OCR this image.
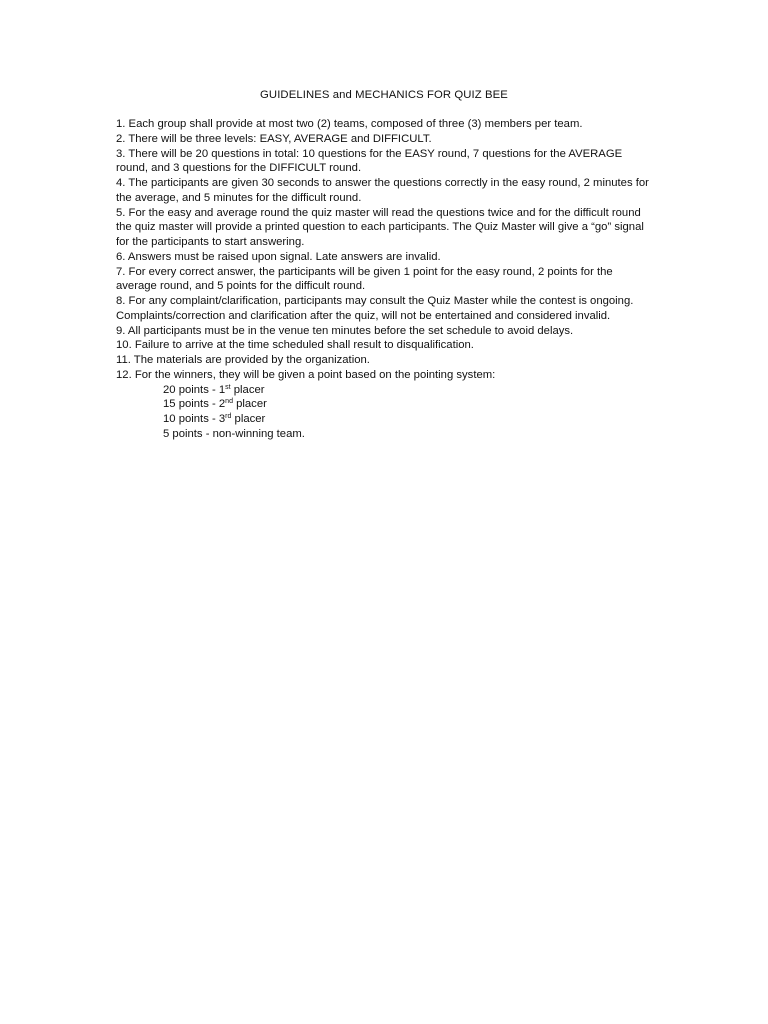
GUIDELINES and MECHANICS FOR QUIZ BEE

1. Each group shall provide at most two (2) teams, composed of three (3) members per team.

2. There will be three levels: EASY, AVERAGE and DIFFICULT.

3. There will be 20 questions in total: 10 questions for the EASY round, 7 questions for the AVERAGE round, and 3 questions for the DIFFICULT round.

4. The participants are given 30 seconds to answer the questions correctly in the easy round, 2 minutes for the average, and 5 minutes for the difficult round.

5. For the easy and average round the quiz master will read the questions twice and for the difficult round the quiz master will provide a printed question to each participants. The Quiz Master will give a “go” signal for the participants to start answering.

6. Answers must be raised upon signal. Late answers are invalid.

7. For every correct answer, the participants will be given 1 point for the easy round, 2 points for the average round, and 5 points for the difficult round.

8. For any complaint/clarification, participants may consult the Quiz Master while the contest is ongoing. Complaints/correction and clarification after the quiz, will not be entertained and considered invalid.

9. All participants must be in the venue ten minutes before the set schedule to avoid delays.

10. Failure to arrive at the time scheduled shall result to disqualification.

11. The materials are provided by the organization.

12. For the winners, they will be given a point based on the pointing system:

20 points - 1st placer
15 points - 2nd placer
10 points - 3rd placer
5 points - non-winning team.
